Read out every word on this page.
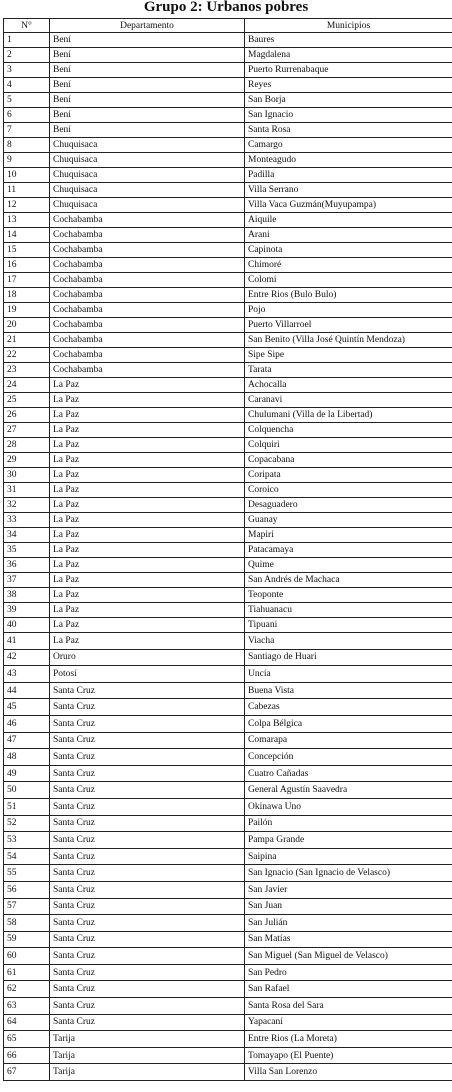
Grupo 2: Urbanos pobres
N°	Departamento	Municipios
1	Bení	Baures
2	Bení	Magdalena
3	Bení	Puerto Rurrenabaque
4	Bení	Reyes
5	Bení	San Borja
6	Bení	San Ignacio
7	Bení	Santa Rosa
8	Chuquisaca	Camargo
9	Chuquisaca	Monteagudo
10	Chuquisaca	Padilla
11	Chuquisaca	Villa Serrano
12	Chuquisaca	Villa Vaca Guzmán(Muyupampa)
13	Cochabamba	Aiquile
14	Cochabamba	Arani
15	Cochabamba	Capinota
16	Cochabamba	Chimoré
17	Cochabamba	Colomi
18	Cochabamba	Entre Rios (Bulo Bulo)
19	Cochabamba	Pojo
20	Cochabamba	Puerto Villarroel
21	Cochabamba	San Benito (Villa José Quintín Mendoza)
22	Cochabamba	Sipe Sipe
23	Cochabamba	Tarata
24	La Paz	Achocalla
25	La Paz	Caranavi
26	La Paz	Chulumani (Villa de la Libertad)
27	La Paz	Colquencha
28	La Paz	Colquiri
29	La Paz	Copacabana
30	La Paz	Coripata
31	La Paz	Coroico
32	La Paz	Desaguadero
33	La Paz	Guanay
34	La Paz	Mapiri
35	La Paz	Patacamaya
36	La Paz	Quime
37	La Paz	San Andrés de Machaca
38	La Paz	Teoponte
39	La Paz	Tiahuanacu
40	La Paz	Tipuani
41	La Paz	Viacha
42	Oruro	Santiago de Huari
43	Potosí	Uncía
44	Santa Cruz	Buena Vista
45	Santa Cruz	Cabezas
46	Santa Cruz	Colpa Bélgica
47	Santa Cruz	Comarapa
48	Santa Cruz	Concepción
49	Santa Cruz	Cuatro Cañadas
50	Santa Cruz	General Agustín Saavedra
51	Santa Cruz	Okinawa Uno
52	Santa Cruz	Pailón
53	Santa Cruz	Pampa Grande
54	Santa Cruz	Saipina
55	Santa Cruz	San Ignacio (San Ignacio de Velasco)
56	Santa Cruz	San Javier
57	Santa Cruz	San Juan
58	Santa Cruz	San Julián
59	Santa Cruz	San Matías
60	Santa Cruz	San Miguel (San Miguel de Velasco)
61	Santa Cruz	San Pedro
62	Santa Cruz	San Rafael
63	Santa Cruz	Santa Rosa del Sara
64	Santa Cruz	Yapacaní
65	Tarija	Entre Rios (La Moreta)
66	Tarija	Tomayapo (El Puente)
67	Tarija	Villa San Lorenzo
